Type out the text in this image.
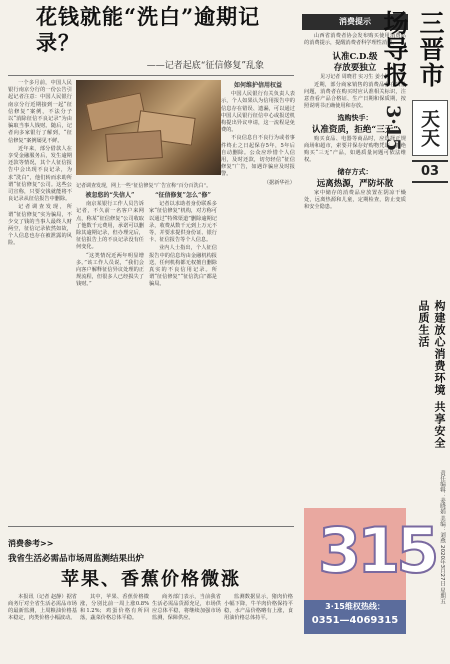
花钱就能“洗白”逾期记录？
——记者起底“征信修复”乱象

一个多月前，中国人民银行南京分行的一份公告引起记者注意：中国人民银行南京分行近期接到一起“征信修复”案例，不法分子以“消除征信不良记录”为由骗取当事人钱财。随后，记者向多家银行了解到，“征信修复”案例屡见不鲜。

近年来，部分借款人在享受金融服务后，发生逾期还款等情况，其个人征信报告中会出现不良记录，为求“洗白”，他们转而求助所谓“征信修复”公司。这些公司宣称，只要交钱就能将不良记录从征信报告中删除。

记者调查发现，所谓“征信修复”实为骗局，不少交了钱的当事人最终人财两空，征信记录依然如故，个人信息也存在被泄露的风险。

记者调查发现，网上一些“征信修复”广告宣称“百分百洗白”。

被忽悠的“失信人”

南京某银行工作人员告诉记者，不久前一名客户来网点，称某“征信修复”公司收取了他数千元费用，承诺可以删除其逾期记录，但办理完后，征信报告上的不良记录没有任何变化。

“这类情况近两年明显增多。”该工作人员说，“我们会向客户解释征信异议处理的正规流程，但很多人已经损失了钱财。”

“征信修复”怎么“修”

记者以求助者身份联系多家“征信修复”机构，对方称可以通过“特殊渠道”删除逾期记录，收费从数千元到上万元不等，并要求提供身份证、银行卡、征信报告等个人信息。

业内人士指出，个人征信报告中的信息均由金融机构报送，任何机构都无权擅自删除真实的不良信用记录。所谓“征信修复”“征信洗白”都是骗局。

如何维护信用权益

中国人民银行有关负责人表示，个人如果认为信用报告中的信息存在错误、遗漏，可以通过中国人民银行征信中心或报送机构提出异议申请，这一流程是免费的。

不良信息自不良行为或者事件终止之日起保存5年，5年后自动删除。公众应珍惜个人信用，及时还款，切勿轻信“征信修复”广告，如遇诈骗应及时报警。

（据新华社）

消费参考>>
我省生活必需品市场周监测结果出炉
苹果、香蕉价格微涨

本报讯（记者 赵静）据省商务厅对全省生活必需品市场的最新监测，上周粮油价格基本稳定，肉类价格小幅波动。

其中，苹果、香蕉价格微涨，分别比前一周上涨0.8%和1.2%；鸡蛋价格有所回落，蔬菜价格总体平稳。

商务部门表示，当前我省生活必需品货源充足，市场供应总体平稳，将继续加强市场监测，保障供应。

监测数据显示，猪肉价格小幅下降，牛羊肉价格保持平稳，水产品价格略有上涨，食用油价格总体持平。

消费提示

山西省消费者协会发布购买使用消费品的消费提示，提醒消费者科学理性消费。

认准C.D.级
存放要独立
见习记者 周晓君 实习生 姜小娜

近期，部分商家销售的消费品存在质量问题，消费者在购买时应认准相关标识，注意查看产品合格证、生产日期和保质期，按照说明书正确使用和存放。

选购快手：
认准资质，拒绝“三无”

购买食品、电器等商品时，应选择正规商场和超市，索要并保存好购物凭证，拒绝购买“三无”产品，如遇质量问题可依法维权。

储存方式：
远离热源，严防坏散

家中储存的消费品应放置在阴凉干燥处，远离热源和儿童，定期检查，防止变质和安全隐患。

315
3·15维权热线：
0351—4069315
三晋市场导报
天天3·15
03
构建放心消费环境 共享安全品质生活
责任编辑：姜晓娟 美编：刘燕 2020年3月27日 星期五
